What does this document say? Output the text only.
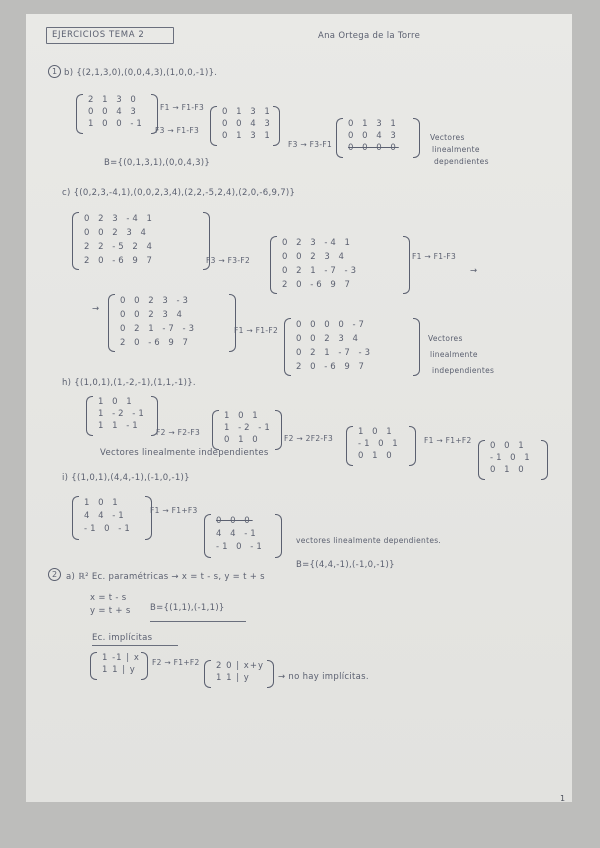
EJERCICIOS TEMA 2	Ana Ortega de la Torre
1 b) {(2,1,3,0),(0,0,4,3),(1,0,0,-1)}.
2 1 3 0
0 0 4 3
1 0 0 -1
F1 → F1-F3
F3 → F1-F3
0 1 3 1
0 0 4 3
0 1 3 1
F3 → F3-F1
0 1 3 1
0 0 4 3
0 0 0 0
Vectores
linealmente
dependientes
B={(0,1,3,1),(0,0,4,3)}
c) {(0,2,3,-4,1),(0,0,2,3,4),(2,2,-5,2,4),(2,0,-6,9,7)}
0 2 3 -4 1
0 0 2 3 4
2 2 -5 2 4
2 0 -6 9 7	F3 → F3-F2
0 2 3 -4 1
0 0 2 3 4
0 2 1 -7 -3
2 0 -6 9 7
F1 → F1-F3
→
→
0 0 2 3 -3
0 0 2 3 4
0 2 1 -7 -3
2 0 -6 9 7
F1 → F1-F2
0 0 0 0 -7
0 0 2 3 4
0 2 1 -7 -3
2 0 -6 9 7
Vectores
linealmente
independientes
h) {(1,0,1),(1,-2,-1),(1,1,-1)}.
1 0 1
1 -2 -1
1 1 -1
F2 → F2-F3
1 0 1
1 -2 -1
0 1 0	F2 → 2F2-F3
1 0 1
-1 0 1
0 1 0
F1 → F1+F2
0 0 1
-1 0 1
0 1 0
Vectores linealmente independientes
i) {(1,0,1),(4,4,-1),(-1,0,-1)}
1 0 1
4 4 -1
-1 0 -1
F1 → F1+F3
0 0 0
4 4 -1
-1 0 -1
vectores linealmente dependientes.
B={(4,4,-1),(-1,0,-1)}
2	a) ℝ² Ec. paramétricas → x = t - s, y = t + s
x = t - s
y = t + s B={(1,1),(-1,1)}
Ec. implícitas
1 -1 | x
1 1 | y
F2 → F1+F2 2 0 | x+y
1 1 | y	→ no hay implícitas.
1
